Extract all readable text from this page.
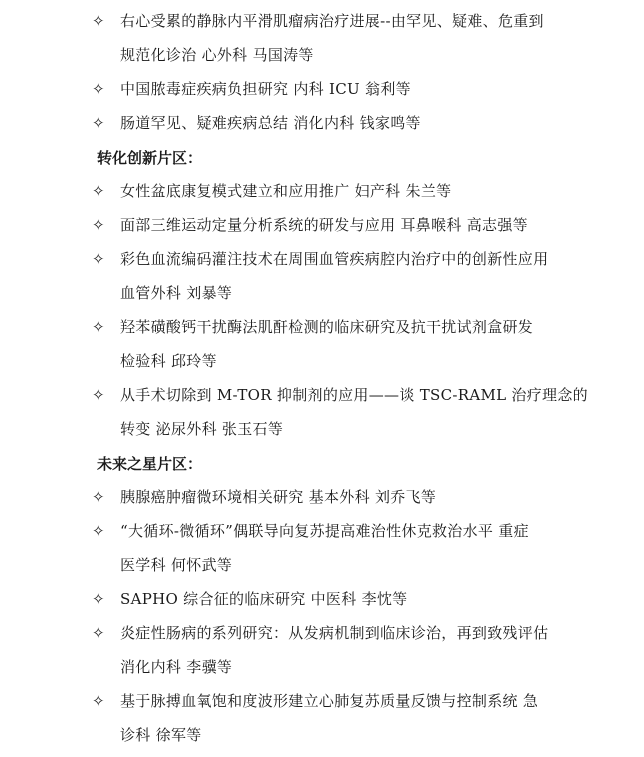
✧	右心受累的静脉内平滑肌瘤病治疗进展--由罕见、疑难、危重到
规范化诊治 心外科 马国涛等
✧	中国脓毒症疾病负担研究 内科 ICU 翁利等
✧	肠道罕见、疑难疾病总结 消化内科 钱家鸣等
转化创新片区：
✧	女性盆底康复模式建立和应用推广 妇产科 朱兰等
✧	面部三维运动定量分析系统的研发与应用 耳鼻喉科 高志强等
✧	彩色血流编码灌注技术在周围血管疾病腔内治疗中的创新性应用
血管外科 刘暴等
✧	羟苯磺酸钙干扰酶法肌酐检测的临床研究及抗干扰试剂盒研发
检验科 邱玲等
✧	从手术切除到 M-TOR 抑制剂的应用——谈 TSC-RAML 治疗理念的
转变 泌尿外科 张玉石等
未来之星片区：
✧	胰腺癌肿瘤微环境相关研究 基本外科 刘乔飞等
✧	“大循环-微循环”偶联导向复苏提高难治性休克救治水平 重症
医学科 何怀武等
✧	SAPHO 综合征的临床研究 中医科 李忱等
✧	炎症性肠病的系列研究：从发病机制到临床诊治，再到致残评估
消化内科 李骥等
✧	基于脉搏血氧饱和度波形建立心肺复苏质量反馈与控制系统 急
诊科 徐军等
